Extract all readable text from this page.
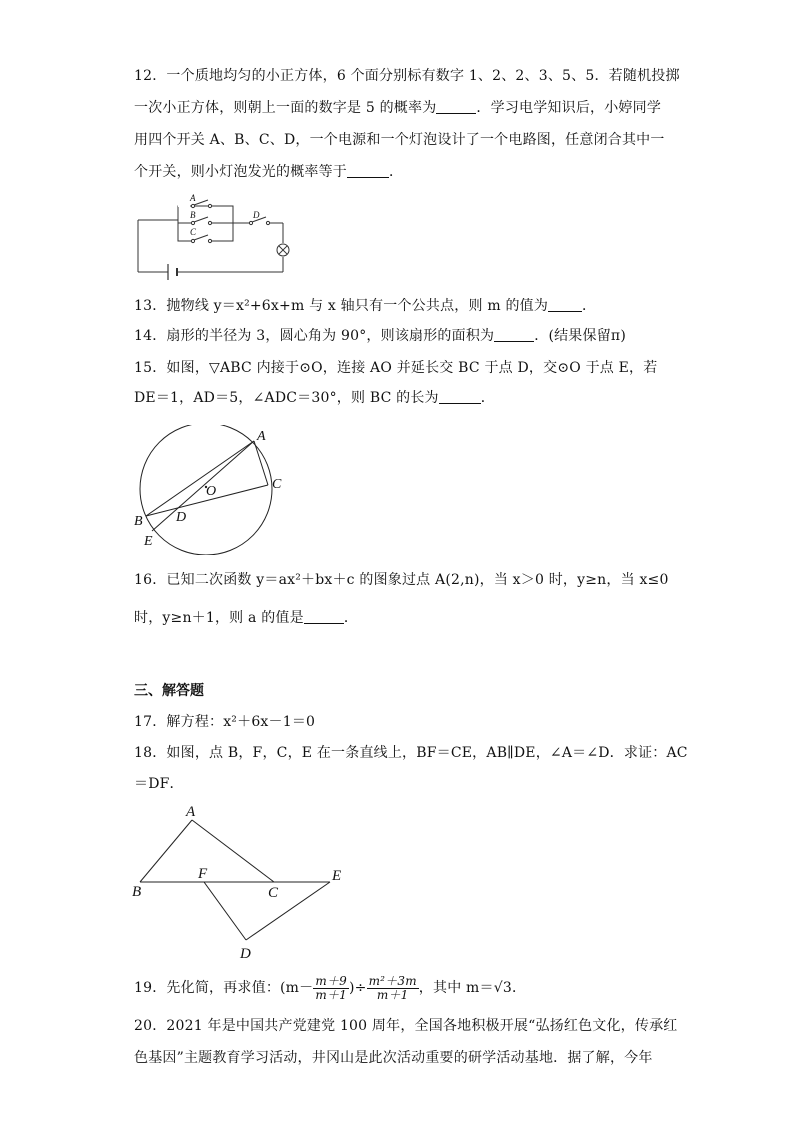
12．一个质地均匀的小正方体，6 个面分别标有数字 1、2、2、3、5、5．若随机投掷
一次小正方体，则朝上一面的数字是 5 的概率为	．学习电学知识后，小婷同学
用四个开关 A、B、C、D，一个电源和一个灯泡设计了一个电路图，任意闭合其中一
个开关，则小灯泡发光的概率等于	．
A
B
C
D
13．抛物线 y＝x²+6x+m 与 x 轴只有一个公共点，则 m 的值为 ．
14．扇形的半径为 3，圆心角为 90°，则该扇形的面积为	．(结果保留π)
15．如图，▽ABC 内接于⊙O，连接 AO 并延长交 BC 于点 D，交⊙O 于点 E，若
DE＝1，AD＝5，∠ADC＝30°，则 BC 的长为	．
A
B
C
D
E
O
16．已知二次函数 y＝ax²＋bx＋c 的图象过点 A(2,n)，当 x＞0 时，y≥n，当 x≤0
时，y≥n＋1，则 a 的值是	．
三、解答题
17．解方程：x²＋6x－1＝0
18．如图，点 B，F，C，E 在一条直线上，BF＝CE，AB∥DE，∠A＝∠D．求证：AC
＝DF．
A
B	C
D
E
F
19．先化简，再求值：($m- \frac{m+9}{m+1}$ )÷ $\frac{\text{m²＋3m}}{m+1}$ ，其中 m＝√3．
20．2021 年是中国共产党建党 100 周年，全国各地积极开展“弘扬红色文化，传承红
色基因”主题教育学习活动，井冈山是此次活动重要的研学活动基地．据了解，今年
